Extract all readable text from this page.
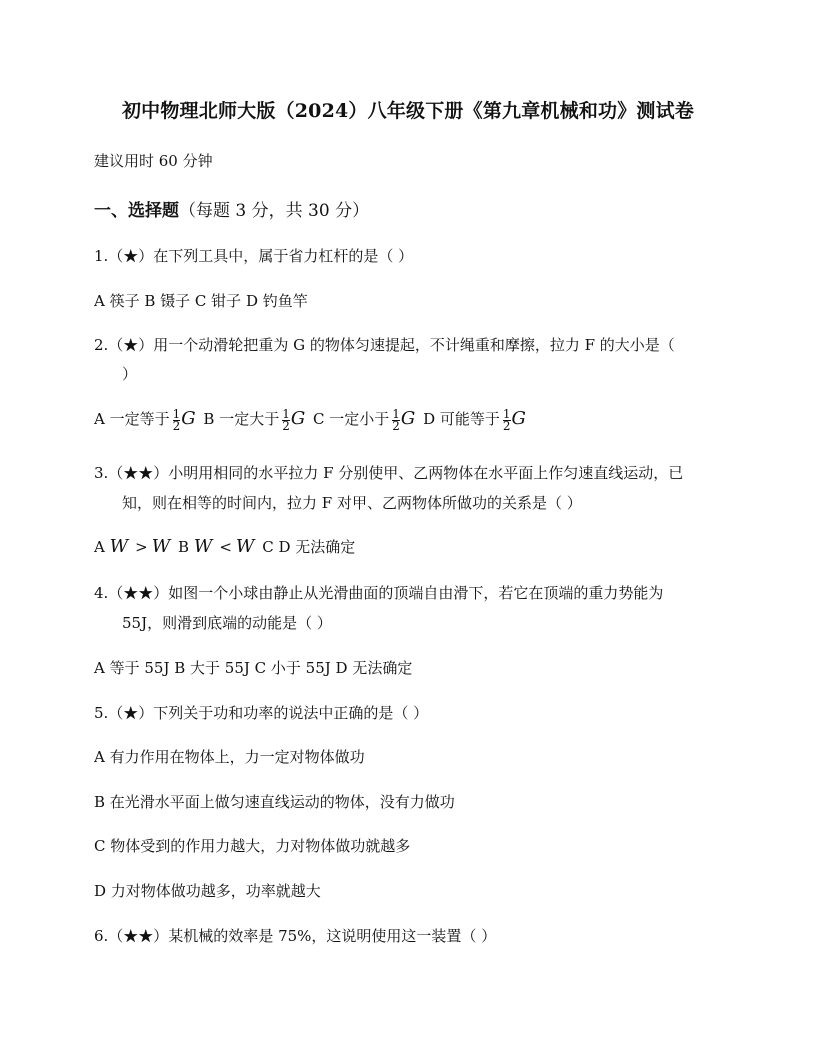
初中物理北师大版（2024）八年级下册《第九章机械和功》测试卷
建议用时 60 分钟
一、选择题（每题 3 分，共 30 分）
1.（★）在下列工具中，属于省力杠杆的是（ ）
A 筷子 B 镊子 C 钳子 D 钓鱼竿
2.（★）用一个动滑轮把重为 G 的物体匀速提起，不计绳重和摩擦，拉力 F 的大小是（
）
A 一定等于 $\frac{1}{2}$ G B 一定大于 $\frac{1}{2}$ G C 一定小于 $\frac{1}{2}$ G D 可能等于 $\frac{1}{2}$ G
3.（★★）小明用相同的水平拉力 F 分别使甲、乙两物体在水平面上作匀速直线运动，已
知，则在相等的时间内，拉力 F 对甲、乙两物体所做功的关系是（ ）
A W > W B W < W C D 无法确定
4.（★★）如图一个小球由静止从光滑曲面的顶端自由滑下，若它在顶端的重力势能为
55J，则滑到底端的动能是（ ）
A 等于 55J B 大于 55J C 小于 55J D 无法确定
5.（★）下列关于功和功率的说法中正确的是（ ）
A 有力作用在物体上，力一定对物体做功
B 在光滑水平面上做匀速直线运动的物体，没有力做功
C 物体受到的作用力越大，力对物体做功就越多
D 力对物体做功越多，功率就越大
6.（★★）某机械的效率是 75%，这说明使用这一装置（ ）
